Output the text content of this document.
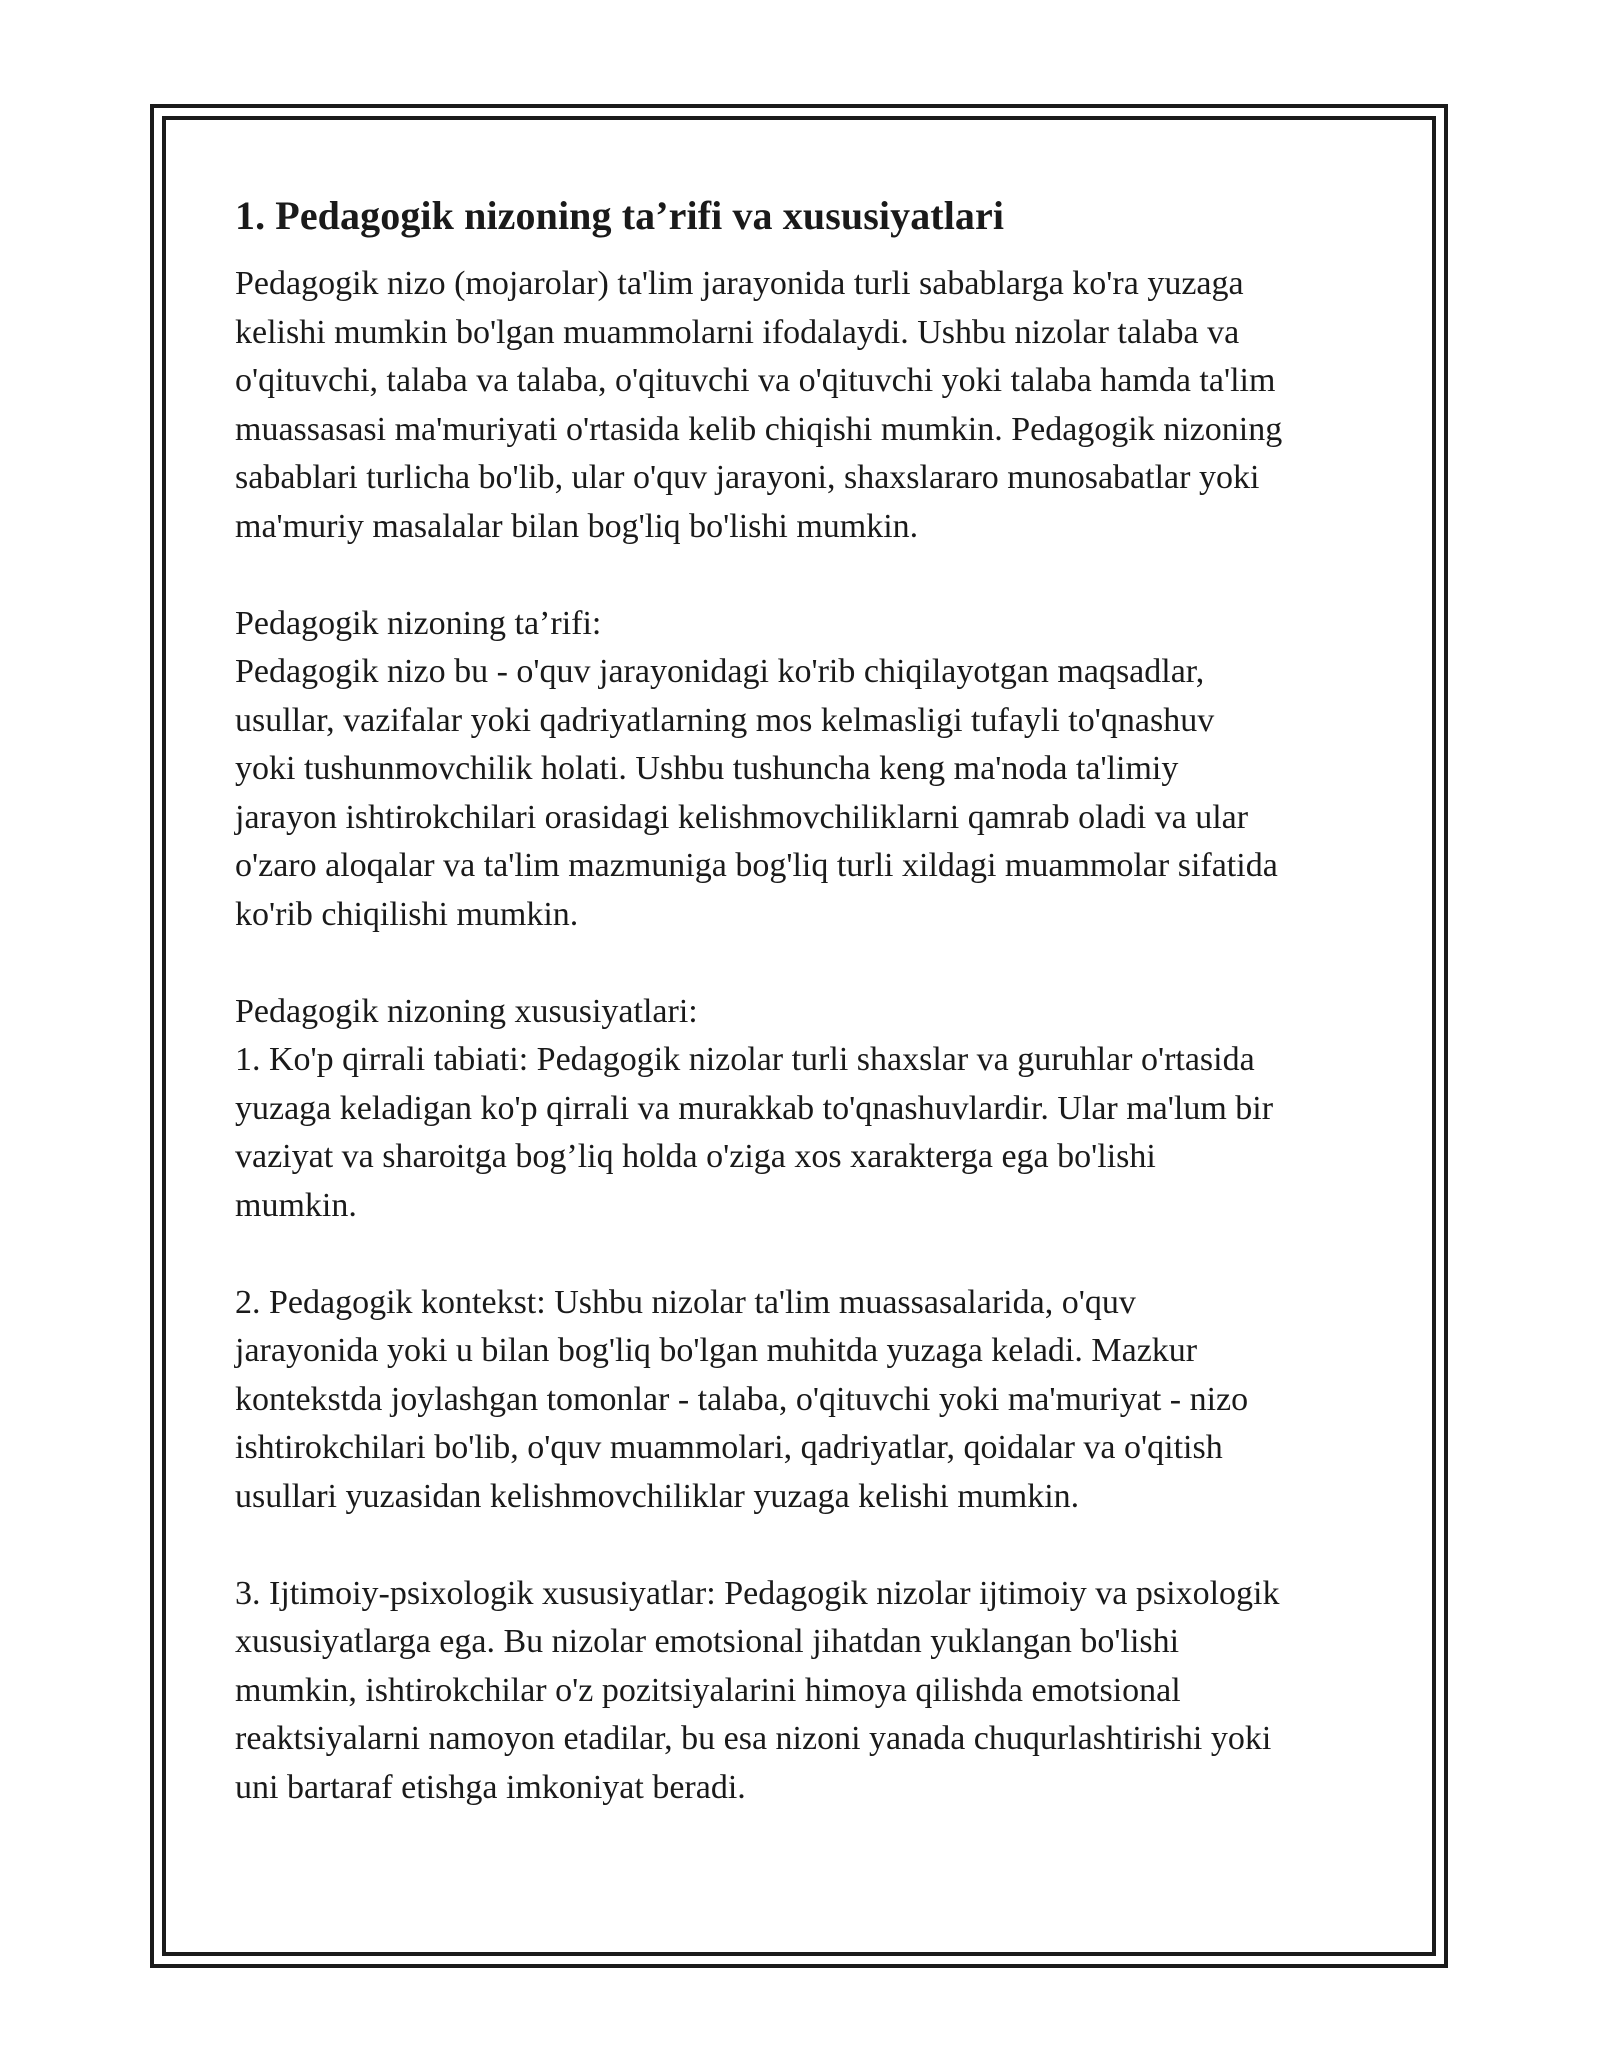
1. Pedagogik nizoning ta’rifi va xususiyatlari

Pedagogik nizo (mojarolar) ta'lim jarayonida turli sabablarga ko'ra yuzaga
kelishi mumkin bo'lgan muammolarni ifodalaydi. Ushbu nizolar talaba va
o'qituvchi, talaba va talaba, o'qituvchi va o'qituvchi yoki talaba hamda ta'lim
muassasasi ma'muriyati o'rtasida kelib chiqishi mumkin. Pedagogik nizoning
sabablari turlicha bo'lib, ular o'quv jarayoni, shaxslararo munosabatlar yoki
ma'muriy masalalar bilan bog'liq bo'lishi mumkin.

Pedagogik nizoning ta’rifi:
Pedagogik nizo bu - o'quv jarayonidagi ko'rib chiqilayotgan maqsadlar,
usullar, vazifalar yoki qadriyatlarning mos kelmasligi tufayli to'qnashuv
yoki tushunmovchilik holati. Ushbu tushuncha keng ma'noda ta'limiy
jarayon ishtirokchilari orasidagi kelishmovchiliklarni qamrab oladi va ular
o'zaro aloqalar va ta'lim mazmuniga bog'liq turli xildagi muammolar sifatida
ko'rib chiqilishi mumkin.

Pedagogik nizoning xususiyatlari:
1. Ko'p qirrali tabiati: Pedagogik nizolar turli shaxslar va guruhlar o'rtasida
yuzaga keladigan ko'p qirrali va murakkab to'qnashuvlardir. Ular ma'lum bir
vaziyat va sharoitga bog’liq holda o'ziga xos xarakterga ega bo'lishi
mumkin.

2. Pedagogik kontekst: Ushbu nizolar ta'lim muassasalarida, o'quv
jarayonida yoki u bilan bog'liq bo'lgan muhitda yuzaga keladi. Mazkur
kontekstda joylashgan tomonlar - talaba, o'qituvchi yoki ma'muriyat - nizo
ishtirokchilari bo'lib, o'quv muammolari, qadriyatlar, qoidalar va o'qitish
usullari yuzasidan kelishmovchiliklar yuzaga kelishi mumkin.

3. Ijtimoiy-psixologik xususiyatlar: Pedagogik nizolar ijtimoiy va psixologik
xususiyatlarga ega. Bu nizolar emotsional jihatdan yuklangan bo'lishi
mumkin, ishtirokchilar o'z pozitsiyalarini himoya qilishda emotsional
reaktsiyalarni namoyon etadilar, bu esa nizoni yanada chuqurlashtirishi yoki
uni bartaraf etishga imkoniyat beradi.
